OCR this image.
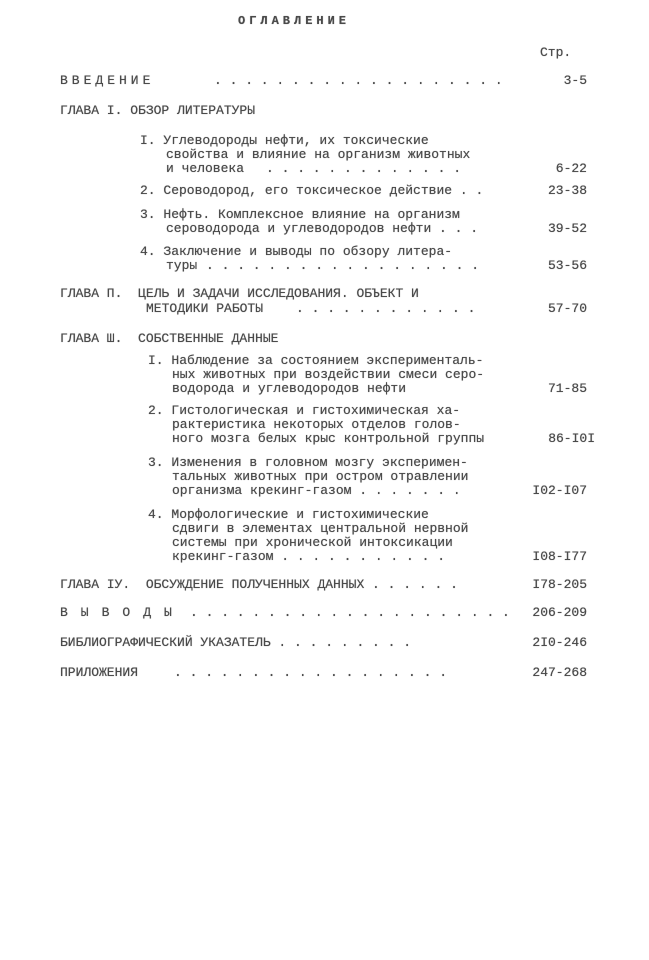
ОГЛАВЛЕНИЕ
Стр.
ВВЕДЕНИЕ	. . . . . . . . . . . . . . . . . . .	3-5
ГЛАВА I. ОБЗОР ЛИТЕРАТУРЫ
I. Углеводороды нефти, их токсические
свойства и влияние на организм животных
и человека . . . . . . . . . . . . .	6-22
2. Сероводород, его токсическое действие . .	23-38
3. Нефть. Комплексное влияние на организм
сероводорода и углеводородов нефти . . .	39-52
4. Заключение и выводы по обзору литера-
туры . . . . . . . . . . . . . . . . . .	53-56
ГЛАВА П.  ЦЕЛЬ И ЗАДАЧИ ИССЛЕДОВАНИЯ. ОБЪЕКТ И
МЕТОДИКИ РАБОТЫ	. . . . . . . . . . . .	57-70
ГЛАВА Ш.  СОБСТВЕННЫЕ ДАННЫЕ
I. Наблюдение за состоянием эксперименталь-
ных животных при воздействии смеси серо-
водорода и углеводородов нефти	71-85
2. Гистологическая и гистохимическая ха-
рактеристика некоторых отделов голов-
ного мозга белых крыс контрольной группы	86-I0I
3. Изменения в головном мозгу эксперимен-
тальных животных при остром отравлении
организма крекинг-газом . . . . . . .	I02-I07
4. Морфологические и гистохимические
сдвиги в элементах центральной нервной
системы при хронической интоксикации
крекинг-газом . . . . . . . . . . .	I08-I77
ГЛАВА IУ.  ОБСУЖДЕНИЕ ПОЛУЧЕННЫХ ДАННЫХ . . . . . .	I78-205
ВЫВОДЫ . . . . . . . . . . . . . . . . . . . . . 206-209
БИБЛИОГРАФИЧЕСКИЙ УКАЗАТЕЛЬ . . . . . . . . .	2I0-246
ПРИЛОЖЕНИЯ	. . . . . . . . . . . . . . . . . .	247-268
